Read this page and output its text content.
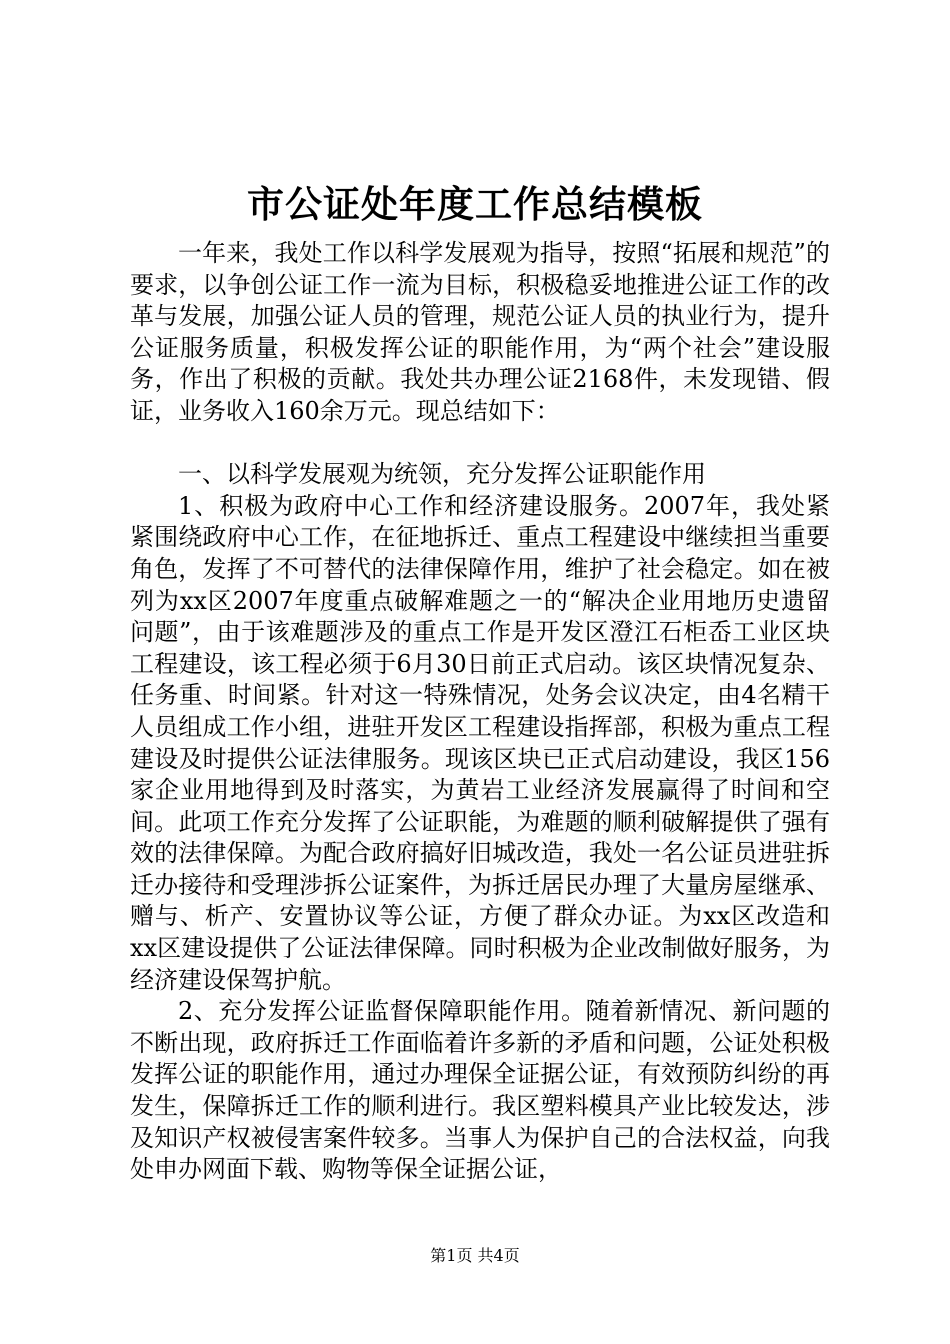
市公证处年度工作总结模板

一年来，我处工作以科学发展观为指导，按照“拓展和规范”的要求，以争创公证工作一流为目标，积极稳妥地推进公证工作的改革与发展，加强公证人员的管理，规范公证人员的执业行为，提升公证服务质量，积极发挥公证的职能作用，为“两个社会”建设服务，作出了积极的贡献。我处共办理公证2168件，未发现错、假证，业务收入160余万元。现总结如下：

一、以科学发展观为统领，充分发挥公证职能作用

1、积极为政府中心工作和经济建设服务。2007年，我处紧紧围绕政府中心工作，在征地拆迁、重点工程建设中继续担当重要角色，发挥了不可替代的法律保障作用，维护了社会稳定。如在被列为xx区2007年度重点破解难题之一的“解决企业用地历史遗留问题”，由于该难题涉及的重点工作是开发区澄江石柜岙工业区块工程建设，该工程必须于6月30日前正式启动。该区块情况复杂、任务重、时间紧。针对这一特殊情况，处务会议决定，由4名精干人员组成工作小组，进驻开发区工程建设指挥部，积极为重点工程建设及时提供公证法律服务。现该区块已正式启动建设，我区156家企业用地得到及时落实，为黄岩工业经济发展赢得了时间和空间。此项工作充分发挥了公证职能，为难题的顺利破解提供了强有效的法律保障。为配合政府搞好旧城改造，我处一名公证员进驻拆迁办接待和受理涉拆公证案件，为拆迁居民办理了大量房屋继承、赠与、析产、安置协议等公证，方便了群众办证。为xx区改造和xx区建设提供了公证法律保障。同时积极为企业改制做好服务，为经济建设保驾护航。

2、充分发挥公证监督保障职能作用。随着新情况、新问题的不断出现，政府拆迁工作面临着许多新的矛盾和问题，公证处积极发挥公证的职能作用，通过办理保全证据公证，有效预防纠纷的再发生，保障拆迁工作的顺利进行。我区塑料模具产业比较发达，涉及知识产权被侵害案件较多。当事人为保护自己的合法权益，向我处申办网面下载、购物等保全证据公证，

第1页 共4页
